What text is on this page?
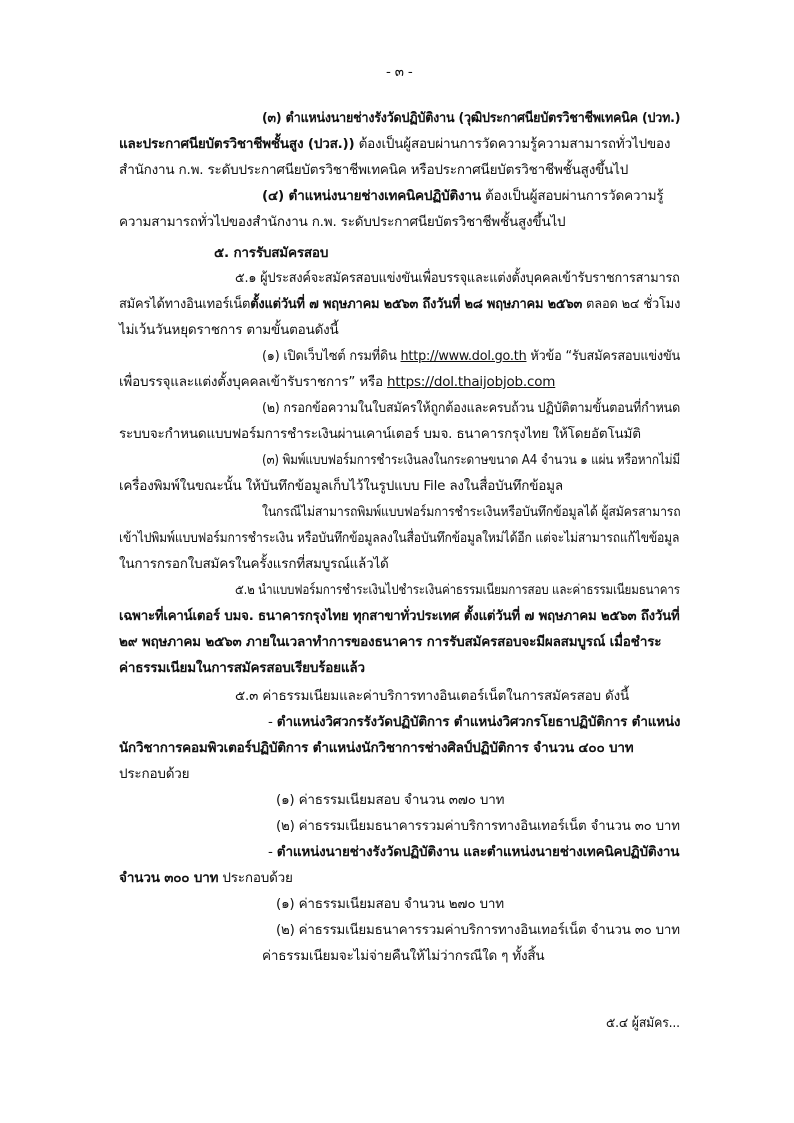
- ๓ -
(๓) ตำแหน่งนายช่างรังวัดปฏิบัติงาน (วุฒิประกาศนียบัตรวิชาชีพเทคนิค (ปวท.)
และประกาศนียบัตรวิชาชีพชั้นสูง (ปวส.)) ต้องเป็นผู้สอบผ่านการวัดความรู้ความสามารถทั่วไปของ
สำนักงาน ก.พ. ระดับประกาศนียบัตรวิชาชีพเทคนิค หรือประกาศนียบัตรวิชาชีพชั้นสูงขึ้นไป
(๔) ตำแหน่งนายช่างเทคนิคปฏิบัติงาน ต้องเป็นผู้สอบผ่านการวัดความรู้
ความสามารถทั่วไปของสำนักงาน ก.พ. ระดับประกาศนียบัตรวิชาชีพชั้นสูงขึ้นไป
๕. การรับสมัครสอบ
๕.๑ ผู้ประสงค์จะสมัครสอบแข่งขันเพื่อบรรจุและแต่งตั้งบุคคลเข้ารับราชการสามารถ
สมัครได้ทางอินเทอร์เน็ตตั้งแต่วันที่ ๗ พฤษภาคม ๒๕๖๓ ถึงวันที่ ๒๘ พฤษภาคม ๒๕๖๓ ตลอด ๒๔ ชั่วโมง
ไม่เว้นวันหยุดราชการ ตามขั้นตอนดังนี้
(๑) เปิดเว็บไซต์ กรมที่ดิน http://www.dol.go.th หัวข้อ “รับสมัครสอบแข่งขัน
เพื่อบรรจุและแต่งตั้งบุคคลเข้ารับราชการ” หรือ https://dol.thaijobjob.com
(๒) กรอกข้อความในใบสมัครให้ถูกต้องและครบถ้วน ปฏิบัติตามขั้นตอนที่กำหนด
ระบบจะกำหนดแบบฟอร์มการชำระเงินผ่านเคาน์เตอร์ บมจ. ธนาคารกรุงไทย ให้โดยอัตโนมัติ
(๓) พิมพ์แบบฟอร์มการชำระเงินลงในกระดาษขนาด A4 จำนวน ๑ แผ่น หรือหากไม่มี
เครื่องพิมพ์ในขณะนั้น ให้บันทึกข้อมูลเก็บไว้ในรูปแบบ File ลงในสื่อบันทึกข้อมูล
ในกรณีไม่สามารถพิมพ์แบบฟอร์มการชำระเงินหรือบันทึกข้อมูลได้ ผู้สมัครสามารถ
เข้าไปพิมพ์แบบฟอร์มการชำระเงิน หรือบันทึกข้อมูลลงในสื่อบันทึกข้อมูลใหม่ได้อีก แต่จะไม่สามารถแก้ไขข้อมูล
ในการกรอกใบสมัครในครั้งแรกที่สมบูรณ์แล้วได้
๕.๒ นำแบบฟอร์มการชำระเงินไปชำระเงินค่าธรรมเนียมการสอบ และค่าธรรมเนียมธนาคาร
เฉพาะที่เคาน์เตอร์ บมจ. ธนาคารกรุงไทย ทุกสาขาทั่วประเทศ ตั้งแต่วันที่ ๗ พฤษภาคม ๒๕๖๓ ถึงวันที่
๒๙ พฤษภาคม ๒๕๖๓ ภายในเวลาทำการของธนาคาร การรับสมัครสอบจะมีผลสมบูรณ์ เมื่อชำระ
ค่าธรรมเนียมในการสมัครสอบเรียบร้อยแล้ว
๕.๓ ค่าธรรมเนียมและค่าบริการทางอินเตอร์เน็ตในการสมัครสอบ ดังนี้
- ตำแหน่งวิศวกรรังวัดปฏิบัติการ ตำแหน่งวิศวกรโยธาปฏิบัติการ ตำแหน่ง
นักวิชาการคอมพิวเตอร์ปฏิบัติการ ตำแหน่งนักวิชาการช่างศิลป์ปฏิบัติการ จำนวน ๔๐๐ บาท
ประกอบด้วย
(๑) ค่าธรรมเนียมสอบ จำนวน ๓๗๐ บาท
(๒) ค่าธรรมเนียมธนาคารรวมค่าบริการทางอินเทอร์เน็ต จำนวน ๓๐ บาท
- ตำแหน่งนายช่างรังวัดปฏิบัติงาน และตำแหน่งนายช่างเทคนิคปฏิบัติงาน
จำนวน ๓๐๐ บาท ประกอบด้วย
(๑) ค่าธรรมเนียมสอบ จำนวน ๒๗๐ บาท
(๒) ค่าธรรมเนียมธนาคารรวมค่าบริการทางอินเทอร์เน็ต จำนวน ๓๐ บาท
ค่าธรรมเนียมจะไม่จ่ายคืนให้ไม่ว่ากรณีใด ๆ ทั้งสิ้น
๕.๔ ผู้สมัคร...
